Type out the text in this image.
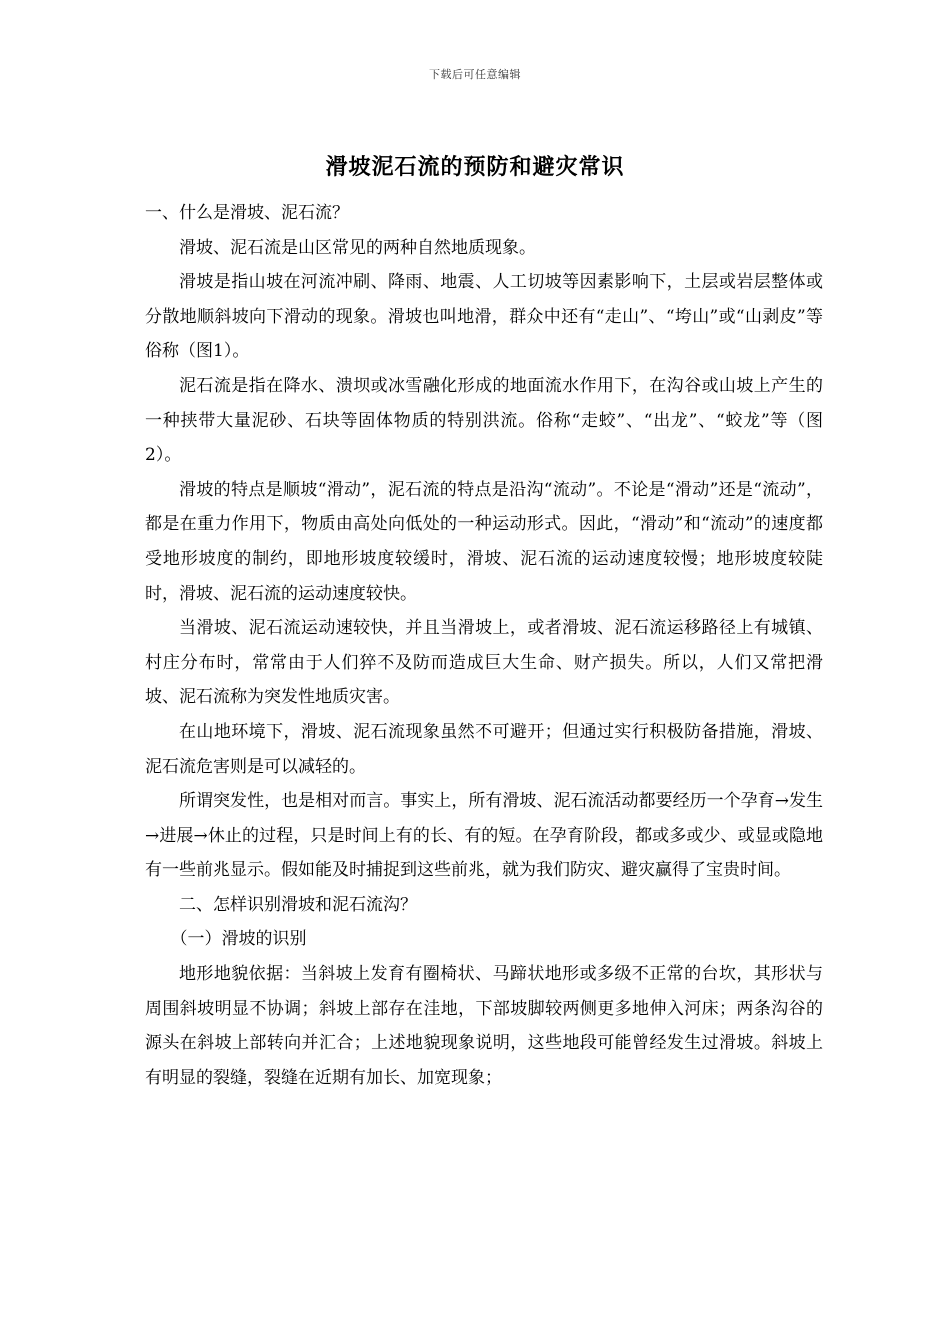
下载后可任意编辑
滑坡泥石流的预防和避灾常识

一、什么是滑坡、泥石流？

滑坡、泥石流是山区常见的两种自然地质现象。

滑坡是指山坡在河流冲刷、降雨、地震、人工切坡等因素影响下，土层或岩层整体或分散地顺斜坡向下滑动的现象。滑坡也叫地滑，群众中还有“走山”、“垮山”或“山剥皮”等俗称（图1）。

泥石流是指在降水、溃坝或冰雪融化形成的地面流水作用下，在沟谷或山坡上产生的一种挟带大量泥砂、石块等固体物质的特别洪流。俗称“走蛟”、“出龙”、“蛟龙”等（图2）。

滑坡的特点是顺坡“滑动”，泥石流的特点是沿沟“流动”。不论是“滑动”还是“流动”，都是在重力作用下，物质由高处向低处的一种运动形式。因此，“滑动”和“流动”的速度都受地形坡度的制约，即地形坡度较缓时，滑坡、泥石流的运动速度较慢；地形坡度较陡时，滑坡、泥石流的运动速度较快。

当滑坡、泥石流运动速较快，并且当滑坡上，或者滑坡、泥石流运移路径上有城镇、村庄分布时，常常由于人们猝不及防而造成巨大生命、财产损失。所以，人们又常把滑坡、泥石流称为突发性地质灾害。

在山地环境下，滑坡、泥石流现象虽然不可避开；但通过实行积极防备措施，滑坡、泥石流危害则是可以减轻的。

所谓突发性，也是相对而言。事实上，所有滑坡、泥石流活动都要经历一个孕育→发生→进展→休止的过程，只是时间上有的长、有的短。在孕育阶段，都或多或少、或显或隐地有一些前兆显示。假如能及时捕捉到这些前兆，就为我们防灾、避灾赢得了宝贵时间。

二、怎样识别滑坡和泥石流沟？

（一）滑坡的识别

地形地貌依据：当斜坡上发育有圈椅状、马蹄状地形或多级不正常的台坎，其形状与周围斜坡明显不协调；斜坡上部存在洼地，下部坡脚较两侧更多地伸入河床；两条沟谷的源头在斜坡上部转向并汇合；上述地貌现象说明，这些地段可能曾经发生过滑坡。斜坡上有明显的裂缝，裂缝在近期有加长、加宽现象；
